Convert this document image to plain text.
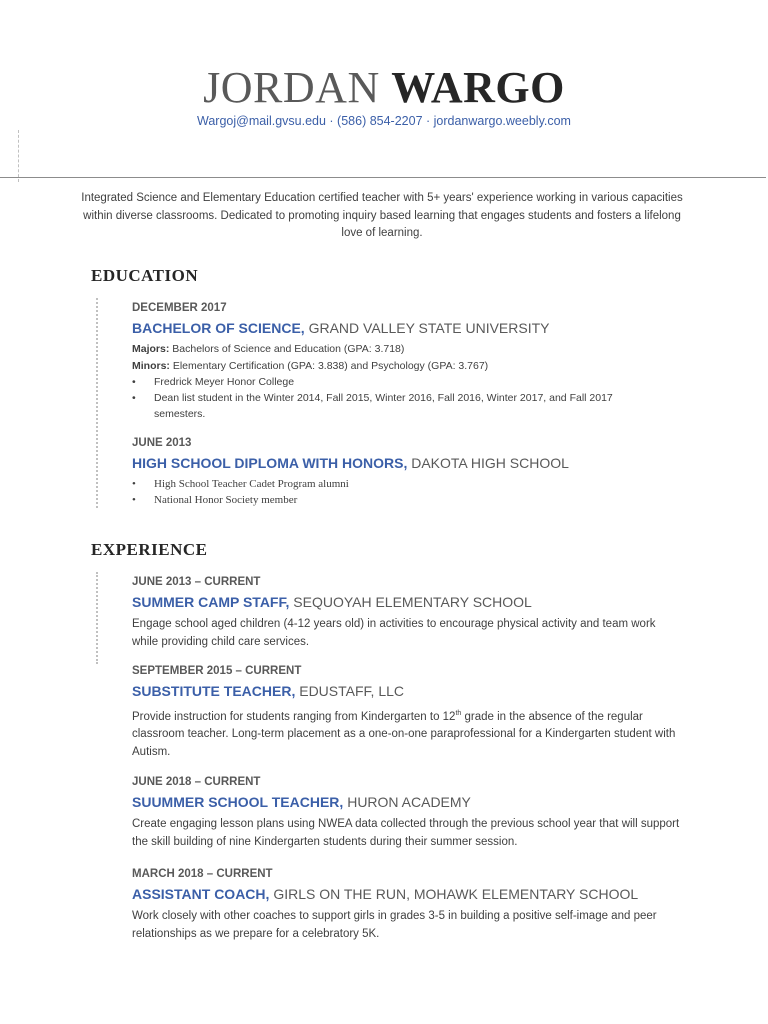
JORDAN WARGO
Wargoj@mail.gvsu.edu · (586) 854-2207 · jordanwargo.weebly.com
Integrated Science and Elementary Education certified teacher with 5+ years' experience working in various capacities within diverse classrooms. Dedicated to promoting inquiry based learning that engages students and fosters a lifelong love of learning.
EDUCATION
DECEMBER 2017
BACHELOR OF SCIENCE, GRAND VALLEY STATE UNIVERSITY
Majors: Bachelors of Science and Education (GPA: 3.718)
Minors: Elementary Certification (GPA: 3.838) and Psychology (GPA: 3.767)
• Fredrick Meyer Honor College
• Dean list student in the Winter 2014, Fall 2015, Winter 2016, Fall 2016, Winter 2017, and Fall 2017 semesters.
JUNE 2013
HIGH SCHOOL DIPLOMA WITH HONORS, DAKOTA HIGH SCHOOL
• High School Teacher Cadet Program alumni
• National Honor Society member
EXPERIENCE
JUNE 2013 – CURRENT
SUMMER CAMP STAFF, SEQUOYAH ELEMENTARY SCHOOL
Engage school aged children (4-12 years old) in activities to encourage physical activity and team work while providing child care services.
SEPTEMBER 2015 – CURRENT
SUBSTITUTE TEACHER, EDUSTAFF, LLC
Provide instruction for students ranging from Kindergarten to 12th grade in the absence of the regular classroom teacher. Long-term placement as a one-on-one paraprofessional for a Kindergarten student with Autism.
JUNE 2018 – CURRENT
SUUMMER SCHOOL TEACHER, HURON ACADEMY
Create engaging lesson plans using NWEA data collected through the previous school year that will support the skill building of nine Kindergarten students during their summer session.
MARCH 2018 – CURRENT
ASSISTANT COACH, GIRLS ON THE RUN, MOHAWK ELEMENTARY SCHOOL
Work closely with other coaches to support girls in grades 3-5 in building a positive self-image and peer relationships as we prepare for a celebratory 5K.
